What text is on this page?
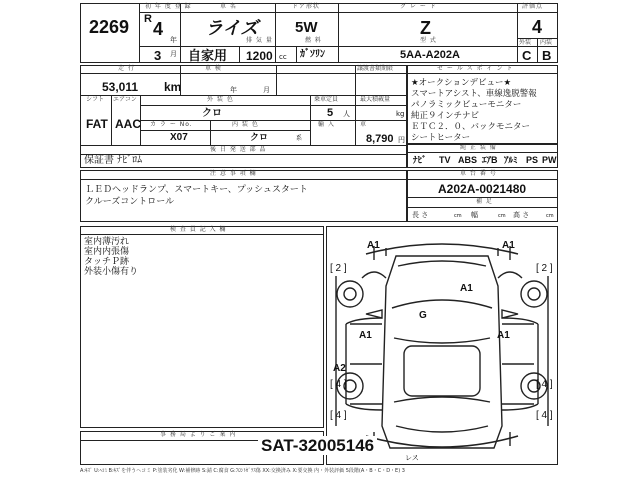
2269
初 年 度 登 録
R 4
年
3 月
車 名
ライズ
自家用
排 気 量
1200 cc
ドア形状
5W
燃 料
ｶﾞｿﾘﾝ
グ レ ー ド
Z
型 式
5AA-A202A
評価点
4
外装 内装
C B
走 行
53,011 km
車 検
年	月
譲渡書類期限
シフト エアコン
FAT AAC
外 装 色
クロ
乗車定員	最大積載量
5 人	kg
カ ラ ー No.	内 装 色
X07	クロ	系
輸 入	車
8,790 円
後 日 発 送 部 品
保証書 ﾅﾋﾞﾛﾑ
セ ー ル ス ポ イ ン ト
★オークションデビュー★
スマートアシスト、車線逸脱警報
パノラミックビューモニター
純正９インチナビ
ＥＴＣ２．０、バックモニター
シートヒーター
純 正 装 備
ﾅﾋﾞ TV ABS ｴｱB ｱﾙﾐ PS PW
注 意 事 項 欄
ＬＥＤヘッドランプ、スマートキー、プッシュスタート
クルーズコントロール
車 台 番 号
A202A-0021480
補 足
長 さ	幅	高 さ
cm	cm	cm
検 査 員 記 入 欄
室内薄汚れ
室内内張傷
タッチＰ跡
外装小傷有り
事 務 局 よ り ご 案 内
A1	A1
A1
G
A1	A1
A2
[ 2 ]	[ 2 ]
[ 4 ]	[ 4 ]
[ 4 ]	[ 4 ]
レス
SAT-32005146
A:ｷｽﾞ U:ﾍｺﾐ B:ｷｽﾞを伴うヘコミ P:塗装劣化 W:補修跡 S:錆 C:腐食 G:ﾌﾛﾝﾄｶﾞﾗｽ傷 XX:交換済み X:要交換 内・外装評価 5段階(A・B・C・D・E) 3
